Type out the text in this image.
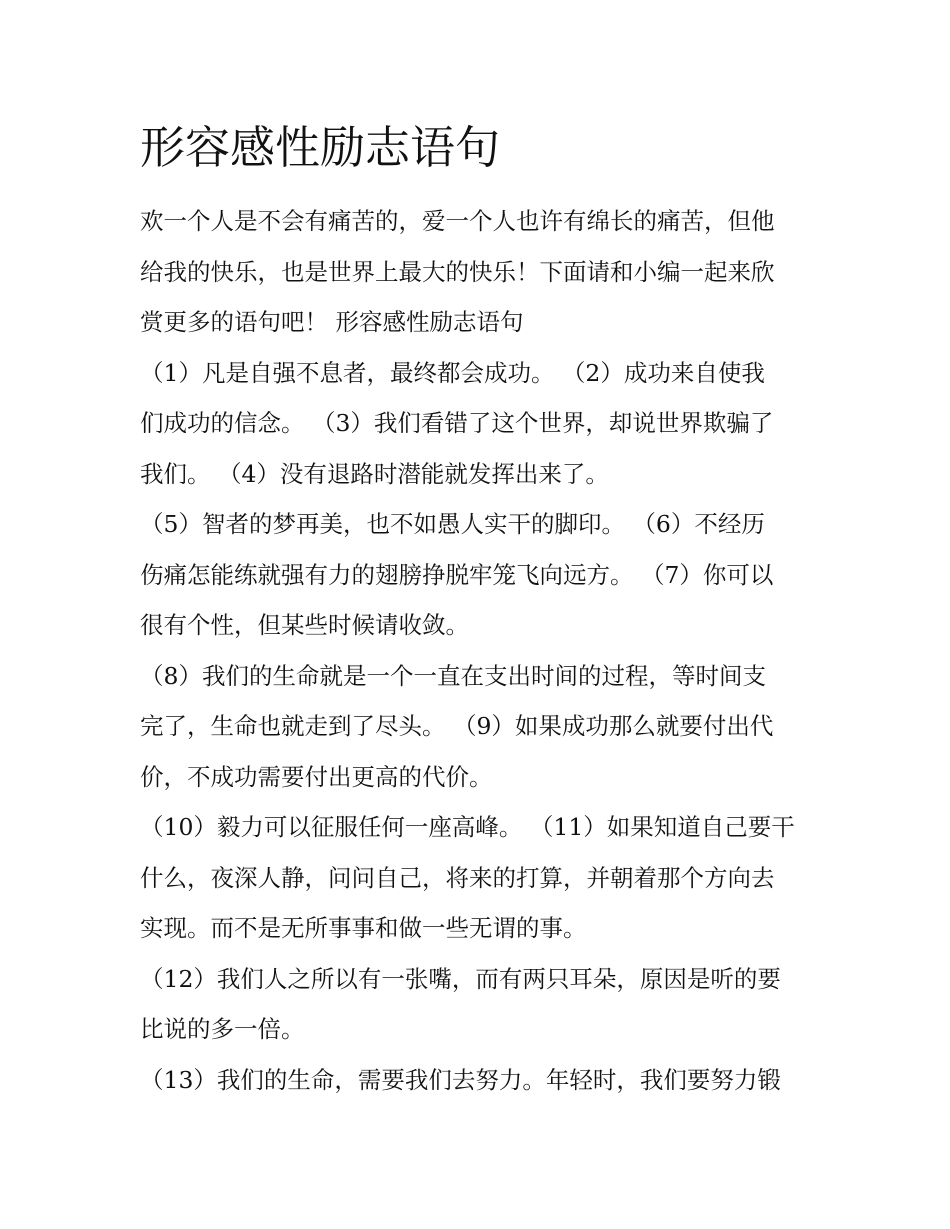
形容感性励志语句
欢一个人是不会有痛苦的，爱一个人也许有绵长的痛苦，但他
给我的快乐，也是世界上最大的快乐！下面请和小编一起来欣
赏更多的语句吧！ 形容感性励志语句
（1）凡是自强不息者，最终都会成功。 （2）成功来自使我
们成功的信念。 （3）我们看错了这个世界，却说世界欺骗了
我们。 （4）没有退路时潜能就发挥出来了。
（5）智者的梦再美，也不如愚人实干的脚印。 （6）不经历
伤痛怎能练就强有力的翅膀挣脱牢笼飞向远方。 （7）你可以
很有个性，但某些时候请收敛。
（8）我们的生命就是一个一直在支出时间的过程，等时间支
完了，生命也就走到了尽头。 （9）如果成功那么就要付出代
价，不成功需要付出更高的代价。
（10）毅力可以征服任何一座高峰。 （11）如果知道自己要干
什么，夜深人静，问问自己，将来的打算，并朝着那个方向去
实现。而不是无所事事和做一些无谓的事。
（12）我们人之所以有一张嘴，而有两只耳朵，原因是听的要
比说的多一倍。
（13）我们的生命，需要我们去努力。年轻时，我们要努力锻
